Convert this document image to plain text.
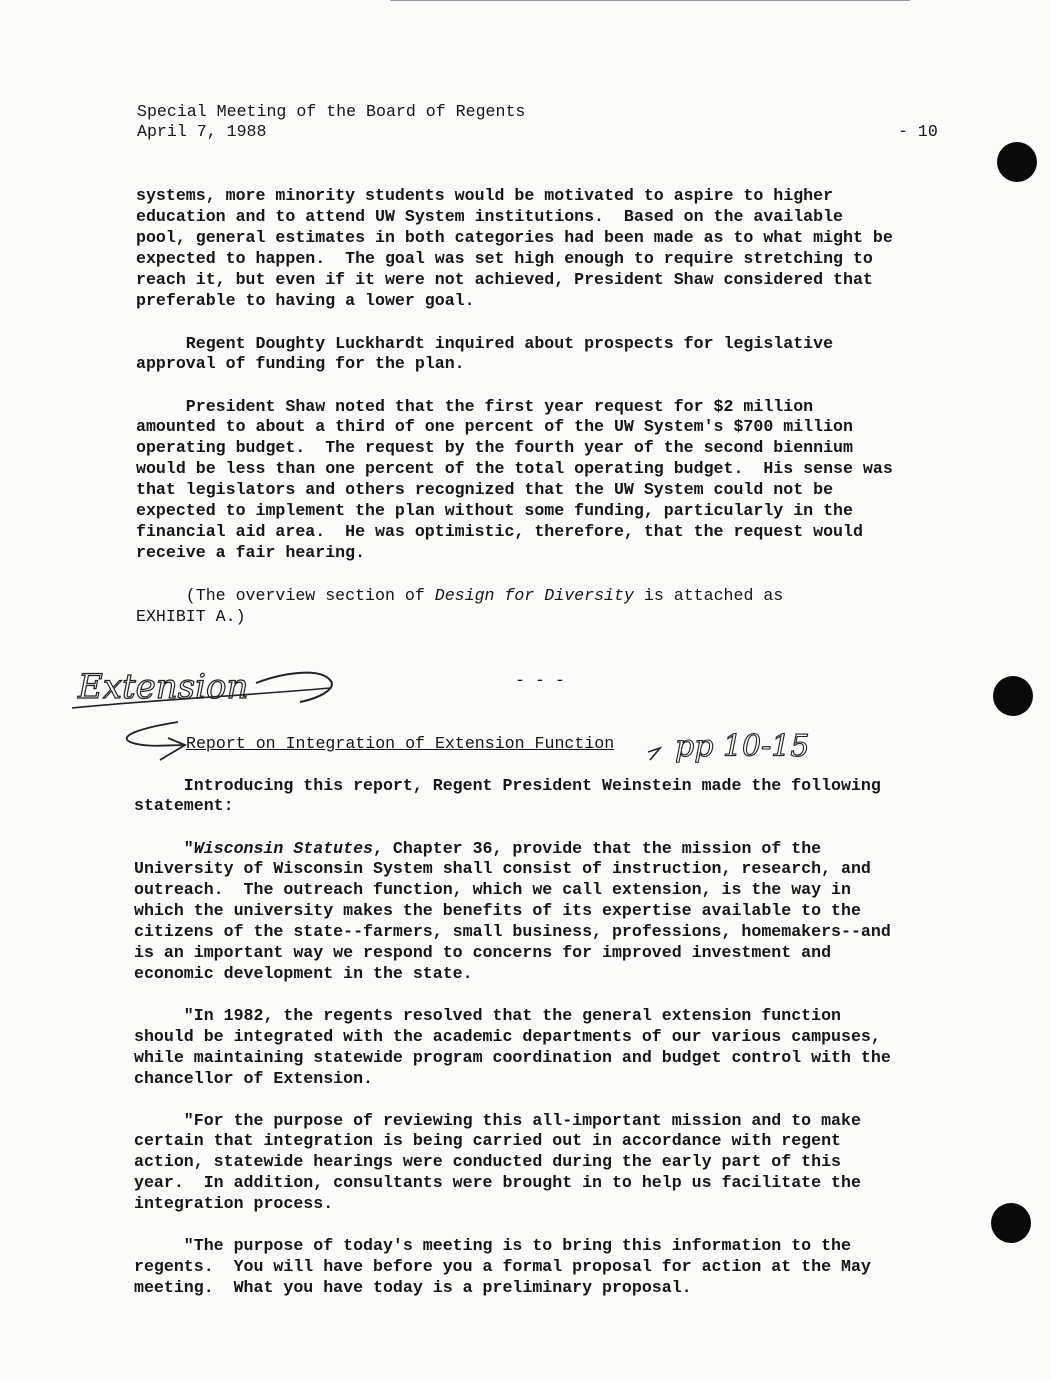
Special Meeting of the Board of Regents
April 7, 1988	- 10
systems, more minority students would be motivated to aspire to higher
education and to attend UW System institutions.  Based on the available
pool, general estimates in both categories had been made as to what might be
expected to happen.  The goal was set high enough to require stretching to
reach it, but even if it were not achieved, President Shaw considered that
preferable to having a lower goal.
Regent Doughty Luckhardt inquired about prospects for legislative
approval of funding for the plan.
President Shaw noted that the first year request for $2 million
amounted to about a third of one percent of the UW System's $700 million
operating budget.  The request by the fourth year of the second biennium
would be less than one percent of the total operating budget.  His sense was
that legislators and others recognized that the UW System could not be
expected to implement the plan without some funding, particularly in the
financial aid area.  He was optimistic, therefore, that the request would
receive a fair hearing.
(The overview section of Design for Diversity is attached as
EXHIBIT A.)
- - -
Extension
pp 10-15
Report on Integration of Extension Function
Introducing this report, Regent President Weinstein made the following
statement:
"Wisconsin Statutes, Chapter 36, provide that the mission of the
University of Wisconsin System shall consist of instruction, research, and
outreach.  The outreach function, which we call extension, is the way in
which the university makes the benefits of its expertise available to the
citizens of the state--farmers, small business, professions, homemakers--and
is an important way we respond to concerns for improved investment and
economic development in the state.
"In 1982, the regents resolved that the general extension function
should be integrated with the academic departments of our various campuses,
while maintaining statewide program coordination and budget control with the
chancellor of Extension.
"For the purpose of reviewing this all-important mission and to make
certain that integration is being carried out in accordance with regent
action, statewide hearings were conducted during the early part of this
year.  In addition, consultants were brought in to help us facilitate the
integration process.
"The purpose of today's meeting is to bring this information to the
regents.  You will have before you a formal proposal for action at the May
meeting.  What you have today is a preliminary proposal.
